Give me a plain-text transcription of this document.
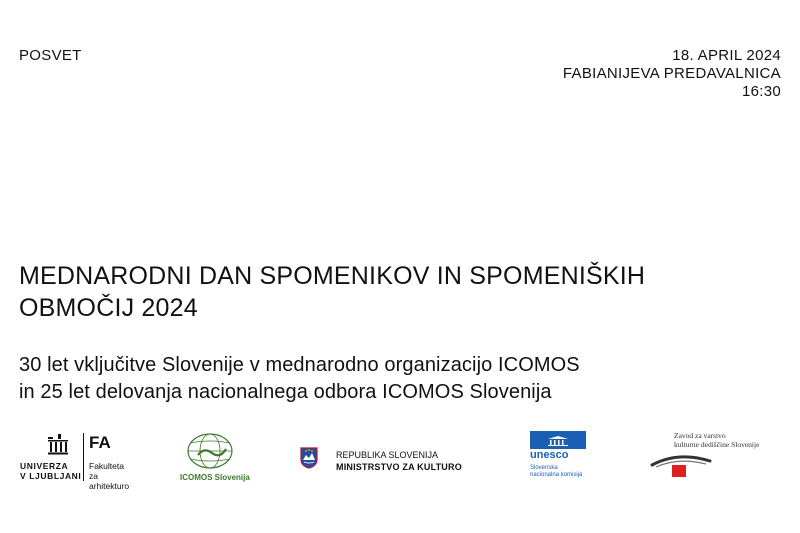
POSVET	18. APRIL 2024
FABIANIJEVA PREDAVALNICA
16:30
MEDNARODNI DAN SPOMENIKOV IN SPOMENIŠKIH
OBMOČIJ 2024
30 let vključitve Slovenije v mednarodno organizacijo ICOMOS
in 25 let delovanja nacionalnega odbora ICOMOS Slovenija
UNIVERZA
V LJUBLJANI
FA
Fakulteta
za arhitekturo
ICOMOS Slovenija
REPUBLIKA SLOVENIJA
MINISTRSTVO ZA KULTURO
unesco
Slovenska
nacionalna komisija
Zavod za varstvo
kulturne dediščine Slovenije
